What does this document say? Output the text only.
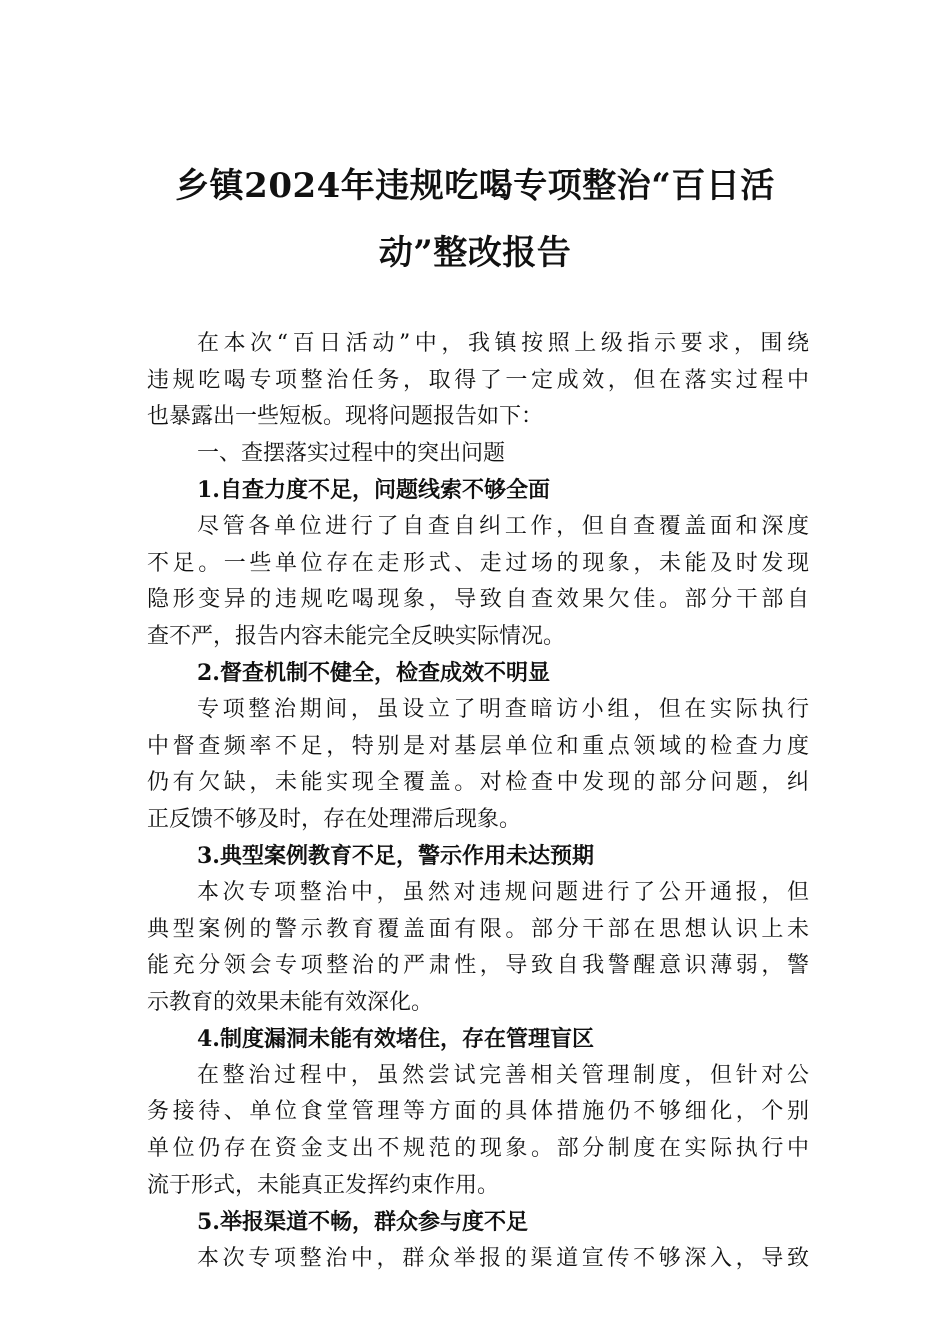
乡镇2024年违规吃喝专项整治“百日活
动”整改报告
在本次“百日活动”中，我镇按照上级指示要求，围绕
违规吃喝专项整治任务，取得了一定成效，但在落实过程中
也暴露出一些短板。现将问题报告如下：
一、查摆落实过程中的突出问题
1.自查力度不足，问题线索不够全面
尽管各单位进行了自查自纠工作，但自查覆盖面和深度
不足。一些单位存在走形式、走过场的现象，未能及时发现
隐形变异的违规吃喝现象，导致自查效果欠佳。部分干部自
查不严，报告内容未能完全反映实际情况。
2.督查机制不健全，检查成效不明显
专项整治期间，虽设立了明查暗访小组，但在实际执行
中督查频率不足，特别是对基层单位和重点领域的检查力度
仍有欠缺，未能实现全覆盖。对检查中发现的部分问题，纠
正反馈不够及时，存在处理滞后现象。
3.典型案例教育不足，警示作用未达预期
本次专项整治中，虽然对违规问题进行了公开通报，但
典型案例的警示教育覆盖面有限。部分干部在思想认识上未
能充分领会专项整治的严肃性，导致自我警醒意识薄弱，警
示教育的效果未能有效深化。
4.制度漏洞未能有效堵住，存在管理盲区
在整治过程中，虽然尝试完善相关管理制度，但针对公
务接待、单位食堂管理等方面的具体措施仍不够细化，个别
单位仍存在资金支出不规范的现象。部分制度在实际执行中
流于形式，未能真正发挥约束作用。
5.举报渠道不畅，群众参与度不足
本次专项整治中，群众举报的渠道宣传不够深入，导致
